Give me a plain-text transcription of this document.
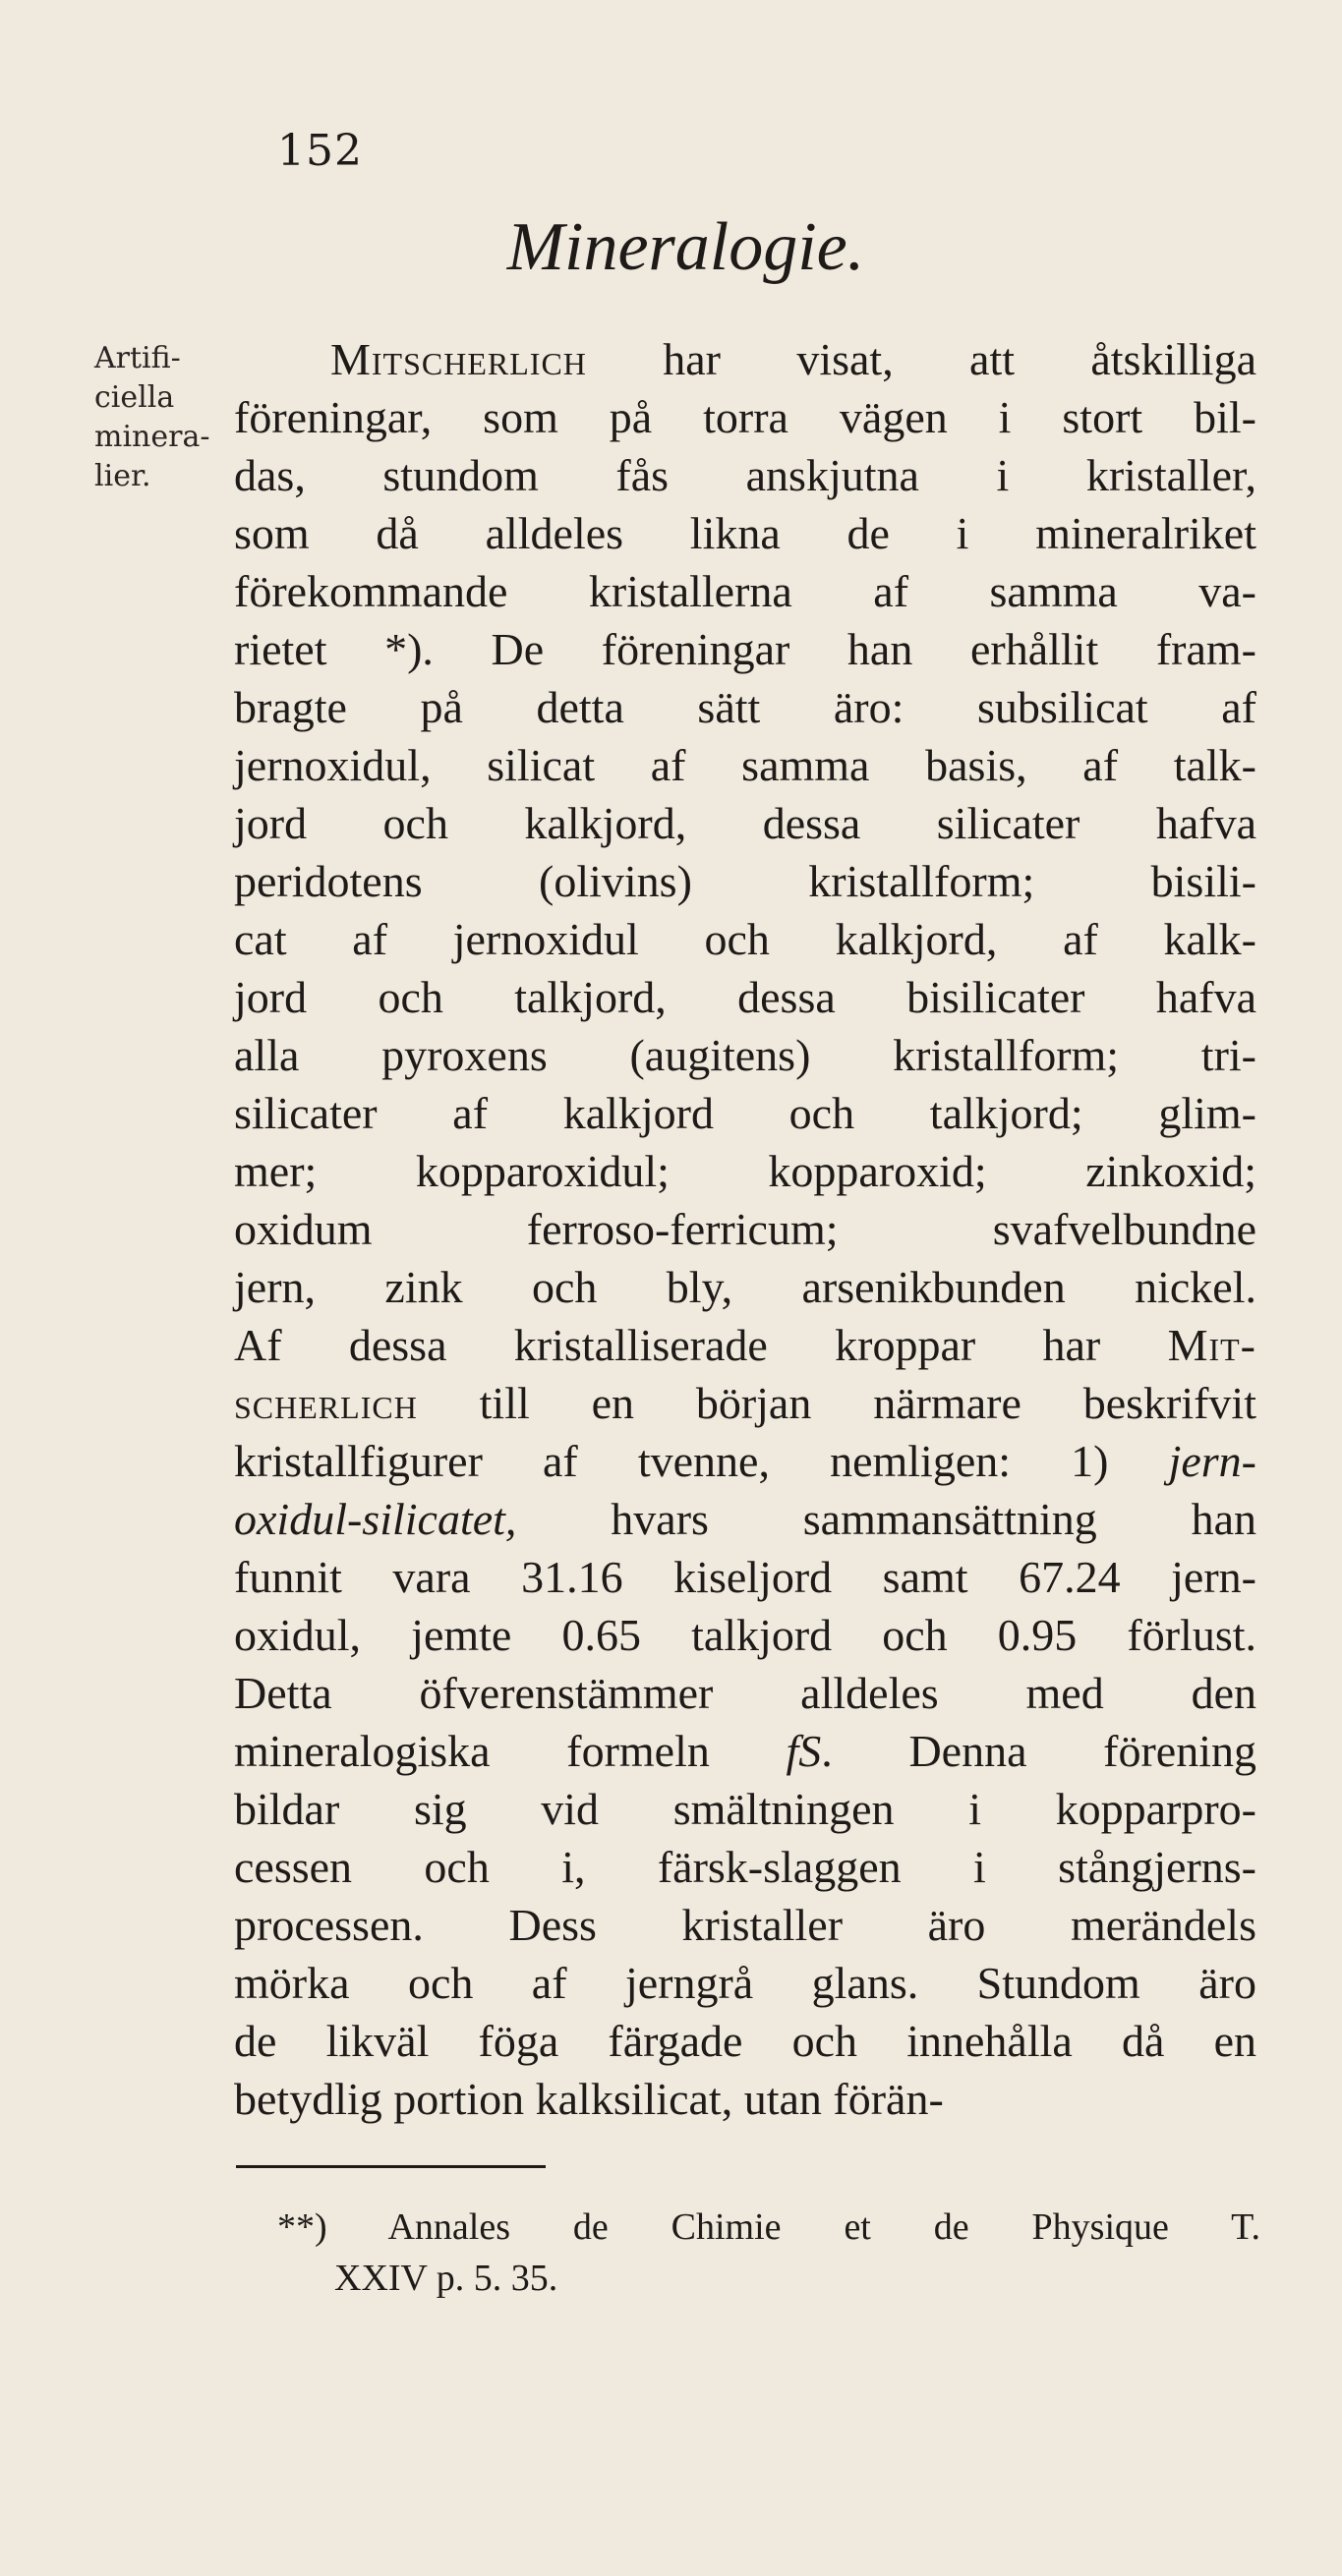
152
Mineralogie.
Artifi-
ciella
minera-
lier.
Mitscherlich har visat, att åtskilliga
föreningar, som på torra vägen i stort bil-
das, stundom fås anskjutna i kristaller,
som då alldeles likna de i mineralriket
förekommande kristallerna af samma va-
rietet *). De föreningar han erhållit fram-
bragte på detta sätt äro: subsilicat af
jernoxidul, silicat af samma basis, af talk-
jord och kalkjord, dessa silicater hafva
peridotens (olivins) kristallform; bisili-
cat af jernoxidul och kalkjord, af kalk-
jord och talkjord, dessa bisilicater hafva
alla pyroxens (augitens) kristallform; tri-
silicater af kalkjord och talkjord; glim-
mer; kopparoxidul; kopparoxid; zinkoxid;
oxidum ferroso-ferricum; svafvelbundne
jern, zink och bly, arsenikbunden nickel.
Af dessa kristalliserade kroppar har Mit-
scherlich till en början närmare beskrifvit
kristallfigurer af tvenne, nemligen: 1) jern-
oxidul-silicatet, hvars sammansättning han
funnit vara 31.16 kiseljord samt 67.24 jern-
oxidul, jemte 0.65 talkjord och 0.95 förlust.
Detta öfverenstämmer alldeles med den
mineralogiska formeln fS. Denna förening
bildar sig vid smältningen i kopparpro-
cessen och i, färsk-slaggen i stångjerns-
processen. Dess kristaller äro merändels
mörka och af jerngrå glans. Stundom äro
de likväl föga färgade och innehålla då en
betydlig portion kalksilicat, utan förän-
**) Annales de Chimie et de Physique T.
XXIV p. 5. 35.
